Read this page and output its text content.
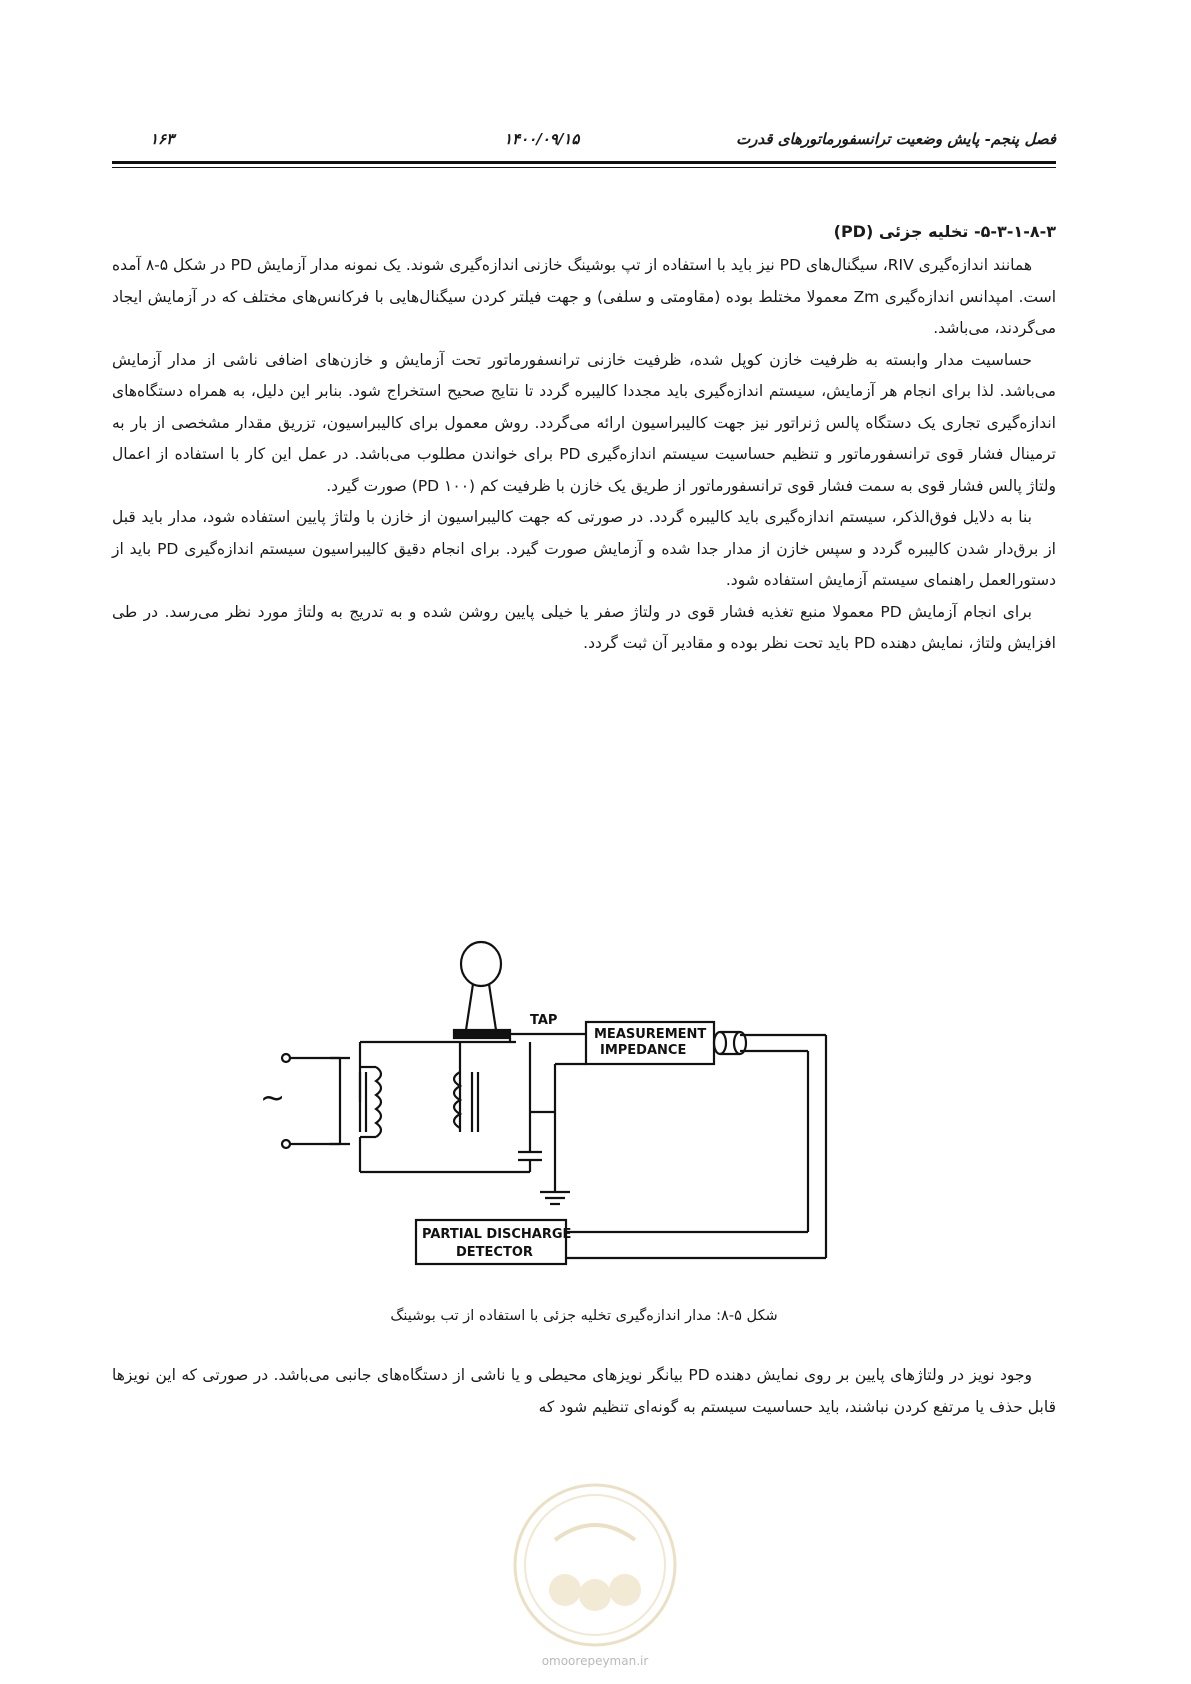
فصل پنجم- پایش وضعیت ترانسفورماتورهای قدرت
۱۴۰۰/۰۹/۱۵
۱۶۳
۵-۳-۱-۸-۳- تخلیه جزئی (PD)

همانند اندازه‌گیری RIV، سیگنال‌های PD نیز باید با استفاده از تپ بوشینگ خازنی اندازه‌گیری شوند. یک نمونه مدار آزمایش PD در شکل ۵-۸ آمده است. امپدانس اندازه‌گیری Zm معمولا مختلط بوده (مقاومتی و سلفی) و جهت فیلتر کردن سیگنال‌هایی با فرکانس‌های مختلف که در آزمایش ایجاد می‌گردند، می‌باشد.

حساسیت مدار وابسته به ظرفیت خازن کوپل شده، ظرفیت خازنی ترانسفورماتور تحت آزمایش و خازن‌های اضافی ناشی از مدار آزمایش می‌باشد. لذا برای انجام هر آزمایش، سیستم اندازه‌گیری باید مجددا کالیبره گردد تا نتایج صحیح استخراج شود. بنابر این دلیل، به همراه دستگاه‌های اندازه‌گیری تجاری یک دستگاه پالس ژنراتور نیز جهت کالیبراسیون ارائه می‌گردد. روش معمول برای کالیبراسیون، تزریق مقدار مشخصی از بار به ترمینال فشار قوی ترانسفورماتور و تنظیم حساسیت سیستم اندازه‌گیری PD برای خواندن مطلوب می‌باشد. در عمل این کار با استفاده از اعمال ولتاژ پالس فشار قوی به سمت فشار قوی ترانسفورماتور از طریق یک خازن با ظرفیت کم (۱۰۰ PD) صورت گیرد.

بنا به دلایل فوق‌الذکر، سیستم اندازه‌گیری باید کالیبره گردد. در صورتی که جهت کالیبراسیون از خازن با ولتاژ پایین استفاده شود، مدار باید قبل از برق‌دار شدن کالیبره گردد و سپس خازن از مدار جدا شده و آزمایش صورت گیرد. برای انجام دقیق کالیبراسیون سیستم اندازه‌گیری PD باید از دستورالعمل راهنمای سیستم آزمایش استفاده شود.

برای انجام آزمایش PD معمولا منبع تغذیه فشار قوی در ولتاژ صفر یا خیلی پایین روشن شده و به تدریج به ولتاژ مورد نظر می‌رسد. در طی افزایش ولتاژ، نمایش دهنده PD باید تحت نظر بوده و مقادیر آن ثبت گردد.

TAP
MEASUREMENT
IMPEDANCE
PARTIAL DISCHARGE
DETECTOR
~
شکل ۵-۸: مدار اندازه‌گیری تخلیه جزئی با استفاده از تب بوشینگ

وجود نویز در ولتاژهای پایین بر روی نمایش دهنده PD بیانگر نویزهای محیطی و یا ناشی از دستگاه‌های جانبی می‌باشد. در صورتی که این نویزها قابل حذف یا مرتفع کردن نباشند، باید حساسیت سیستم به گونه‌ای تنظیم شود که

omoorepeyman.ir
